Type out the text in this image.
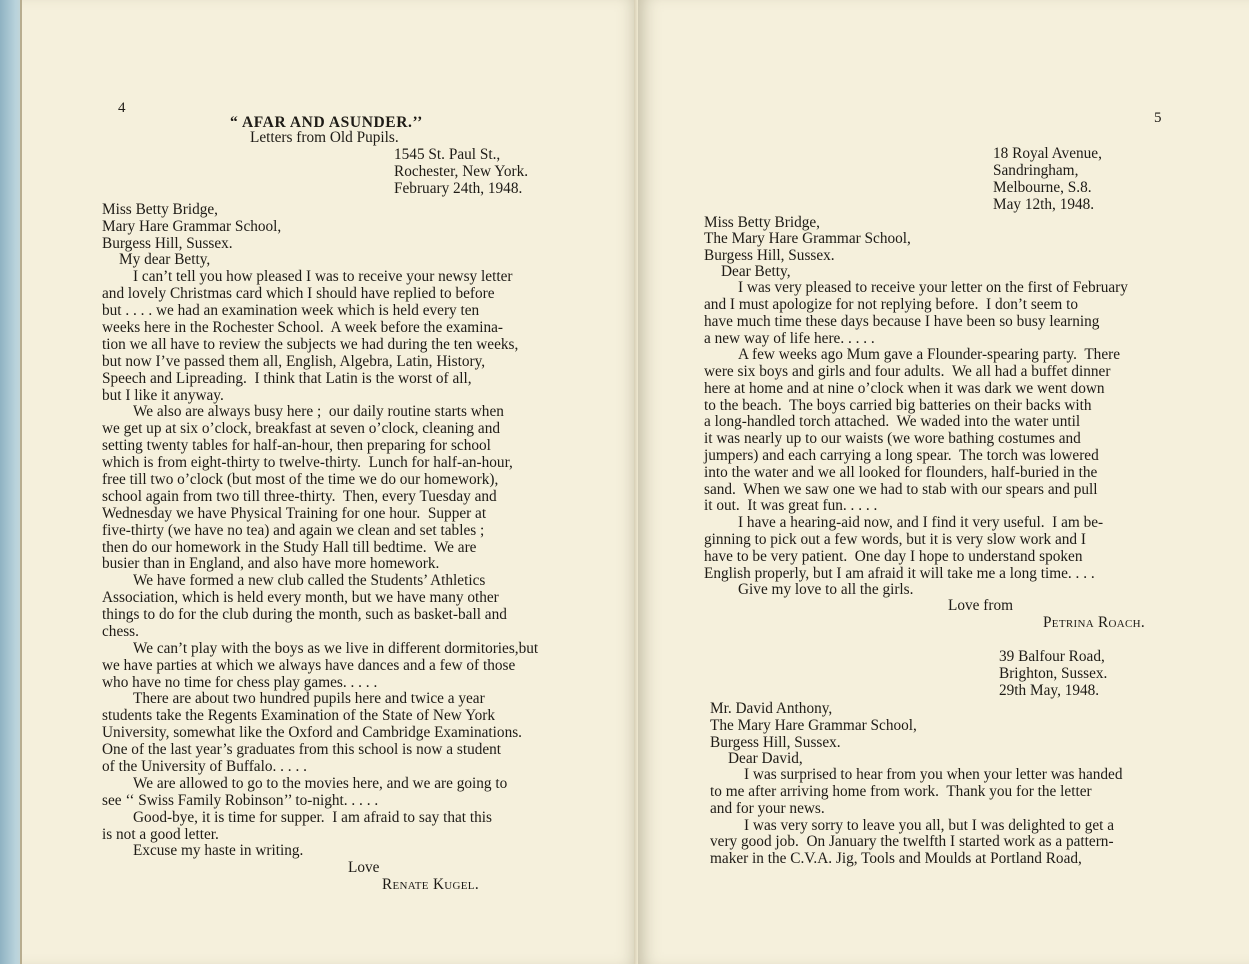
4
“ AFAR AND ASUNDER.’’
Letters from Old Pupils.
1545 St. Paul St.,
Rochester, New York.
February 24th, 1948.
Miss Betty Bridge,
Mary Hare Grammar School,
Burgess Hill, Sussex.
My dear Betty,
I can’t tell you how pleased I was to receive your newsy letter
and lovely Christmas card which I should have replied to before
but . . . . we had an examination week which is held every ten
weeks here in the Rochester School.  A week before the examina-
tion we all have to review the subjects we had during the ten weeks,
but now I’ve passed them all, English, Algebra, Latin, History,
Speech and Lipreading.  I think that Latin is the worst of all,
but I like it anyway.
We also are always busy here ;  our daily routine starts when
we get up at six o’clock, breakfast at seven o’clock, cleaning and
setting twenty tables for half-an-hour, then preparing for school
which is from eight-thirty to twelve-thirty.  Lunch for half-an-hour,
free till two o’clock (but most of the time we do our homework),
school again from two till three-thirty.  Then, every Tuesday and
Wednesday we have Physical Training for one hour.  Supper at
five-thirty (we have no tea) and again we clean and set tables ;
then do our homework in the Study Hall till bedtime.  We are
busier than in England, and also have more homework.
We have formed a new club called the Students’ Athletics
Association, which is held every month, but we have many other
things to do for the club during the month, such as basket-ball and
chess.
We can’t play with the boys as we live in different dormitories,but
we have parties at which we always have dances and a few of those
who have no time for chess play games. . . . .
There are about two hundred pupils here and twice a year
students take the Regents Examination of the State of New York
University, somewhat like the Oxford and Cambridge Examinations.
One of the last year’s graduates from this school is now a student
of the University of Buffalo. . . . .
We are allowed to go to the movies here, and we are going to
see ‘‘ Swiss Family Robinson’’ to-night. . . . .
Good-bye, it is time for supper.  I am afraid to say that this
is not a good letter.
Excuse my haste in writing.
Love
Renate Kugel.
5
18 Royal Avenue,
Sandringham,
Melbourne, S.8.
May 12th, 1948.
Miss Betty Bridge,
The Mary Hare Grammar School,
Burgess Hill, Sussex.
Dear Betty,
I was very pleased to receive your letter on the first of February
and I must apologize for not replying before.  I don’t seem to
have much time these days because I have been so busy learning
a new way of life here. . . . .
A few weeks ago Mum gave a Flounder-spearing party.  There
were six boys and girls and four adults.  We all had a buffet dinner
here at home and at nine o’clock when it was dark we went down
to the beach.  The boys carried big batteries on their backs with
a long-handled torch attached.  We waded into the water until
it was nearly up to our waists (we wore bathing costumes and
jumpers) and each carrying a long spear.  The torch was lowered
into the water and we all looked for flounders, half-buried in the
sand.  When we saw one we had to stab with our spears and pull
it out.  It was great fun. . . . .
I have a hearing-aid now, and I find it very useful.  I am be-
ginning to pick out a few words, but it is very slow work and I
have to be very patient.  One day I hope to understand spoken
English properly, but I am afraid it will take me a long time. . . .
Give my love to all the girls.
Love from
Petrina Roach.
39 Balfour Road,
Brighton, Sussex.
29th May, 1948.
Mr. David Anthony,
The Mary Hare Grammar School,
Burgess Hill, Sussex.
Dear David,
I was surprised to hear from you when your letter was handed
to me after arriving home from work.  Thank you for the letter
and for your news.
I was very sorry to leave you all, but I was delighted to get a
very good job.  On January the twelfth I started work as a pattern-
maker in the C.V.A. Jig, Tools and Moulds at Portland Road,
